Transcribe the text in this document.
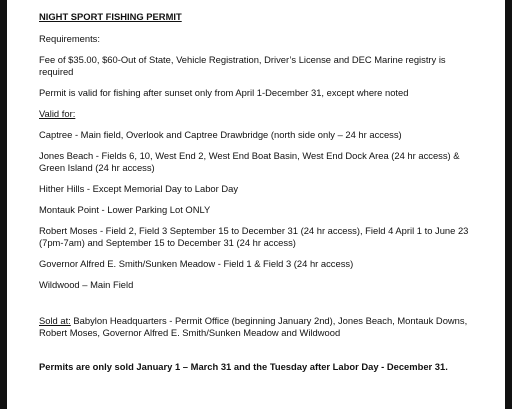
NIGHT SPORT FISHING PERMIT

Requirements:

Fee of $35.00, $60-Out of State, Vehicle Registration, Driver’s License and DEC Marine registry is required

Permit is valid for fishing after sunset only from April 1-December 31, except where noted

Valid for:

Captree - Main field, Overlook and Captree Drawbridge (north side only – 24 hr access)

Jones Beach - Fields 6, 10, West End 2, West End Boat Basin, West End Dock Area (24 hr access) & Green Island (24 hr access)

Hither Hills - Except Memorial Day to Labor Day

Montauk Point - Lower Parking Lot ONLY

Robert Moses - Field 2, Field 3 September 15 to December 31 (24 hr access), Field 4 April 1 to June 23 (7pm-7am) and September 15 to December 31 (24 hr access)

Governor Alfred E. Smith/Sunken Meadow - Field 1 & Field 3 (24 hr access)

Wildwood – Main Field

Sold at: Babylon Headquarters - Permit Office (beginning January 2nd), Jones Beach, Montauk Downs, Robert Moses, Governor Alfred E. Smith/Sunken Meadow and Wildwood

Permits are only sold January 1 – March 31 and the Tuesday after Labor Day - December 31.
